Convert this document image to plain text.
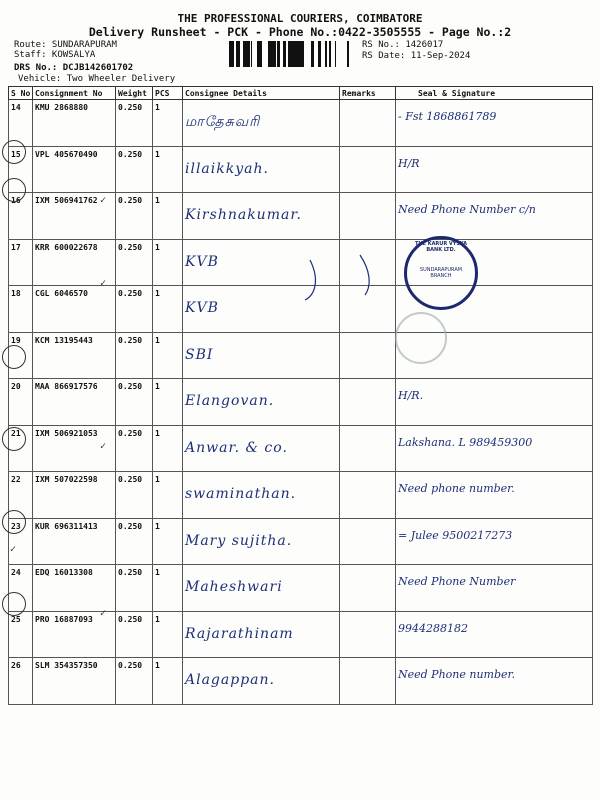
THE PROFESSIONAL COURIERS, COIMBATORE
Delivery Runsheet - PCK - Phone No.:0422-3505555 - Page No.:2
Route: SUNDARAPURAM
Staff: KOWSALYA
DRS No.: DCJB142601702
Vehicle: Two Wheeler Delivery
RS No.: 1426017
RS Date: 11-Sep-2024
S No	Consignment No	Weight	PCS	Consignee Details	Remarks	Seal & Signature
14	KMU 2868880	0.250	1	மாதேசுவரி		- Fst 1868861789
15	VPL 405670490	0.250	1	illaikkyah.		H/R
16	IXM 506941762	0.250	1	Kirshnakumar.		Need Phone Number c/n
17	KRR 600022678	0.250	1	KVB		
18	CGL 6046570	0.250	1	KVB		
19	KCM 13195443	0.250	1	SBI		
20	MAA 866917576	0.250	1	Elangovan.		H/R.
21	IXM 506921053	0.250	1	Anwar. & co.		Lakshana. L 989459300
22	IXM 507022598	0.250	1	swaminathan.		Need phone number.
23	KUR 696311413	0.250	1	Mary sujitha.		= Julee 9500217273
24	EDQ 16013308	0.250	1	Maheshwari		Need Phone Number
25	PRO 16887093	0.250	1	Rajarathinam		9944288182
26	SLM 354357350	0.250	1	Alagappan.		Need Phone number.
✓
✓
✓
✓
✓
THE KARUR VYSYA BANK LTD.
SUNDARAPURAM BRANCH
